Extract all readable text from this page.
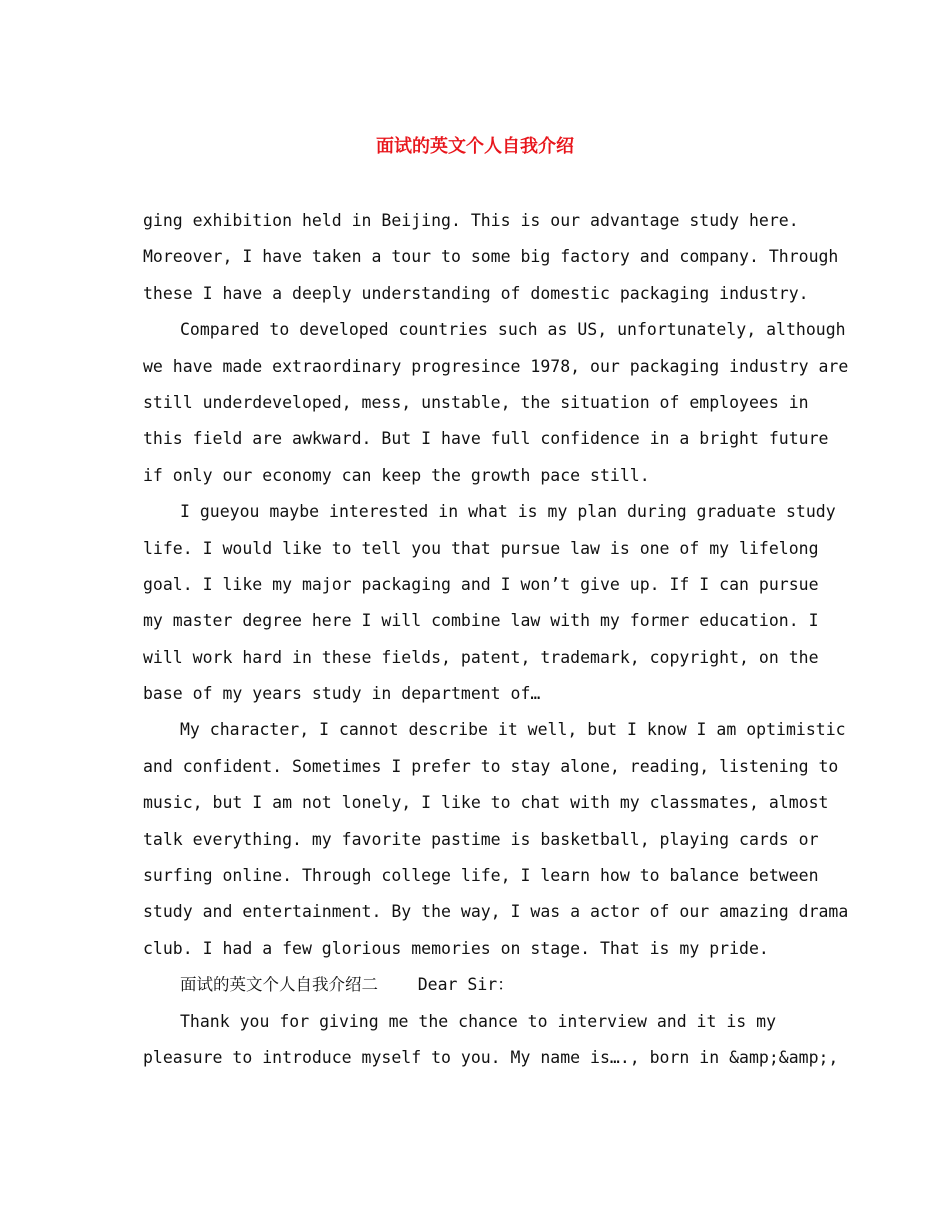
面试的英文个人自我介绍
ging exhibition held in Beijing. This is our advantage study here.
Moreover, I have taken a tour to some big factory and company. Through
these I have a deeply understanding of domestic packaging industry.
Compared to developed countries such as US, unfortunately, although
we have made extraordinary progresince 1978, our packaging industry are
still underdeveloped, mess, unstable, the situation of employees in
this field are awkward. But I have full confidence in a bright future
if only our economy can keep the growth pace still.
I gueyou maybe interested in what is my plan during graduate study
life. I would like to tell you that pursue law is one of my lifelong
goal. I like my major packaging and I won’t give up. If I can pursue
my master degree here I will combine law with my former education. I
will work hard in these fields, patent, trademark, copyright, on the
base of my years study in department of…
My character, I cannot describe it well, but I know I am optimistic
and confident. Sometimes I prefer to stay alone, reading, listening to
music, but I am not lonely, I like to chat with my classmates, almost
talk everything. my favorite pastime is basketball, playing cards or
surfing online. Through college life, I learn how to balance between
study and entertainment. By the way, I was a actor of our amazing drama
club. I had a few glorious memories on stage. That is my pride.
面试的英文个人自我介绍二    Dear Sir：
Thank you for giving me the chance to interview and it is my
pleasure to introduce myself to you. My name is…., born in &amp;&amp;,
